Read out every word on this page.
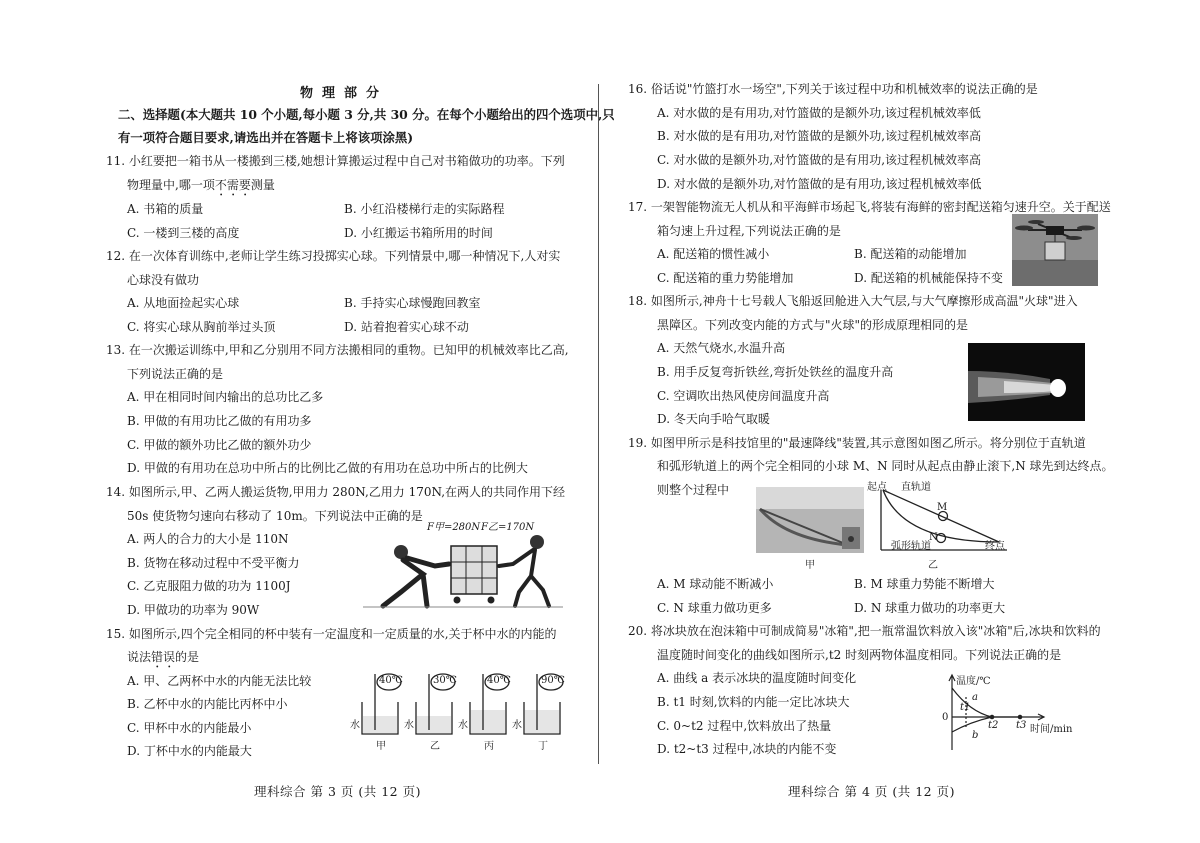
物理部分
二、选择题(本大题共 10 个小题,每小题 3 分,共 30 分。在每个小题给出的四个选项中,只
有一项符合题目要求,请选出并在答题卡上将该项涂黑)
11. 小红要把一箱书从一楼搬到三楼,她想计算搬运过程中自己对书箱做功的功率。下列
物理量中,哪一项不需要测量
A. 书箱的质量	B. 小红沿楼梯行走的实际路程
C. 一楼到三楼的高度	D. 小红搬运书箱所用的时间
12. 在一次体育训练中,老师让学生练习投掷实心球。下列情景中,哪一种情况下,人对实
心球没有做功
A. 从地面捡起实心球	B. 手持实心球慢跑回教室
C. 将实心球从胸前举过头顶	D. 站着抱着实心球不动
13. 在一次搬运训练中,甲和乙分别用不同方法搬相同的重物。已知甲的机械效率比乙高,
下列说法正确的是
A. 甲在相同时间内输出的总功比乙多
B. 甲做的有用功比乙做的有用功多
C. 甲做的额外功比乙做的额外功少
D. 甲做的有用功在总功中所占的比例比乙做的有用功在总功中所占的比例大
14. 如图所示,甲、乙两人搬运货物,甲用力 280N,乙用力 170N,在两人的共同作用下经
50s 使货物匀速向右移动了 10m。下列说法中正确的是
A. 两人的合力的大小是 110N
B. 货物在移动过程中不受平衡力
C. 乙克服阻力做的功为 1100J
D. 甲做功的功率为 90W
F甲=280N F乙=170N
15. 如图所示,四个完全相同的杯中装有一定温度和一定质量的水,关于杯中水的内能的
说法错误的是
A. 甲、乙两杯中水的内能无法比较
B. 乙杯中水的内能比丙杯中小
C. 甲杯中水的内能最小
D. 丁杯中水的内能最大
40℃	30℃	40℃	90℃
水	水	水	水
甲	乙	丙	丁
理科综合 第 3 页 (共 12 页)
16. 俗话说"竹篮打水一场空",下列关于该过程中功和机械效率的说法正确的是
A. 对水做的是有用功,对竹篮做的是额外功,该过程机械效率低
B. 对水做的是有用功,对竹篮做的是额外功,该过程机械效率高
C. 对水做的是额外功,对竹篮做的是有用功,该过程机械效率高
D. 对水做的是额外功,对竹篮做的是有用功,该过程机械效率低
17. 一架智能物流无人机从和平海鲜市场起飞,将装有海鲜的密封配送箱匀速升空。关于配送
箱匀速上升过程,下列说法正确的是
A. 配送箱的惯性减小	B. 配送箱的动能增加
C. 配送箱的重力势能增加	D. 配送箱的机械能保持不变
18. 如图所示,神舟十七号载人飞船返回舱进入大气层,与大气摩擦形成高温"火球"进入
黑障区。下列改变内能的方式与"火球"的形成原理相同的是
A. 天然气烧水,水温升高
B. 用手反复弯折铁丝,弯折处铁丝的温度升高
C. 空调吹出热风使房间温度升高
D. 冬天向手哈气取暖
19. 如图甲所示是科技馆里的"最速降线"装置,其示意图如图乙所示。将分别位于直轨道
和弧形轨道上的两个完全相同的小球 M、N 同时从起点由静止滚下,N 球先到达终点。
则整个过程中
甲
起点 直轨道
M
N
弧形轨道	终点
乙
A. M 球动能不断减小	B. M 球重力势能不断增大
C. N 球重力做功更多	D. N 球重力做功的功率更大
20. 将冰块放在泡沫箱中可制成简易"冰箱",把一瓶常温饮料放入该"冰箱"后,冰块和饮料的
温度随时间变化的曲线如图所示,t2 时刻两物体温度相同。下列说法正确的是
A. 曲线 a 表示冰块的温度随时间变化
B. t1 时刻,饮料的内能一定比冰块大
C. 0~t2 过程中,饮料放出了热量
D. t2~t3 过程中,冰块的内能不变
温度/℃
0
a
b
t1
t2 t3 时间/min
理科综合 第 4 页 (共 12 页)
